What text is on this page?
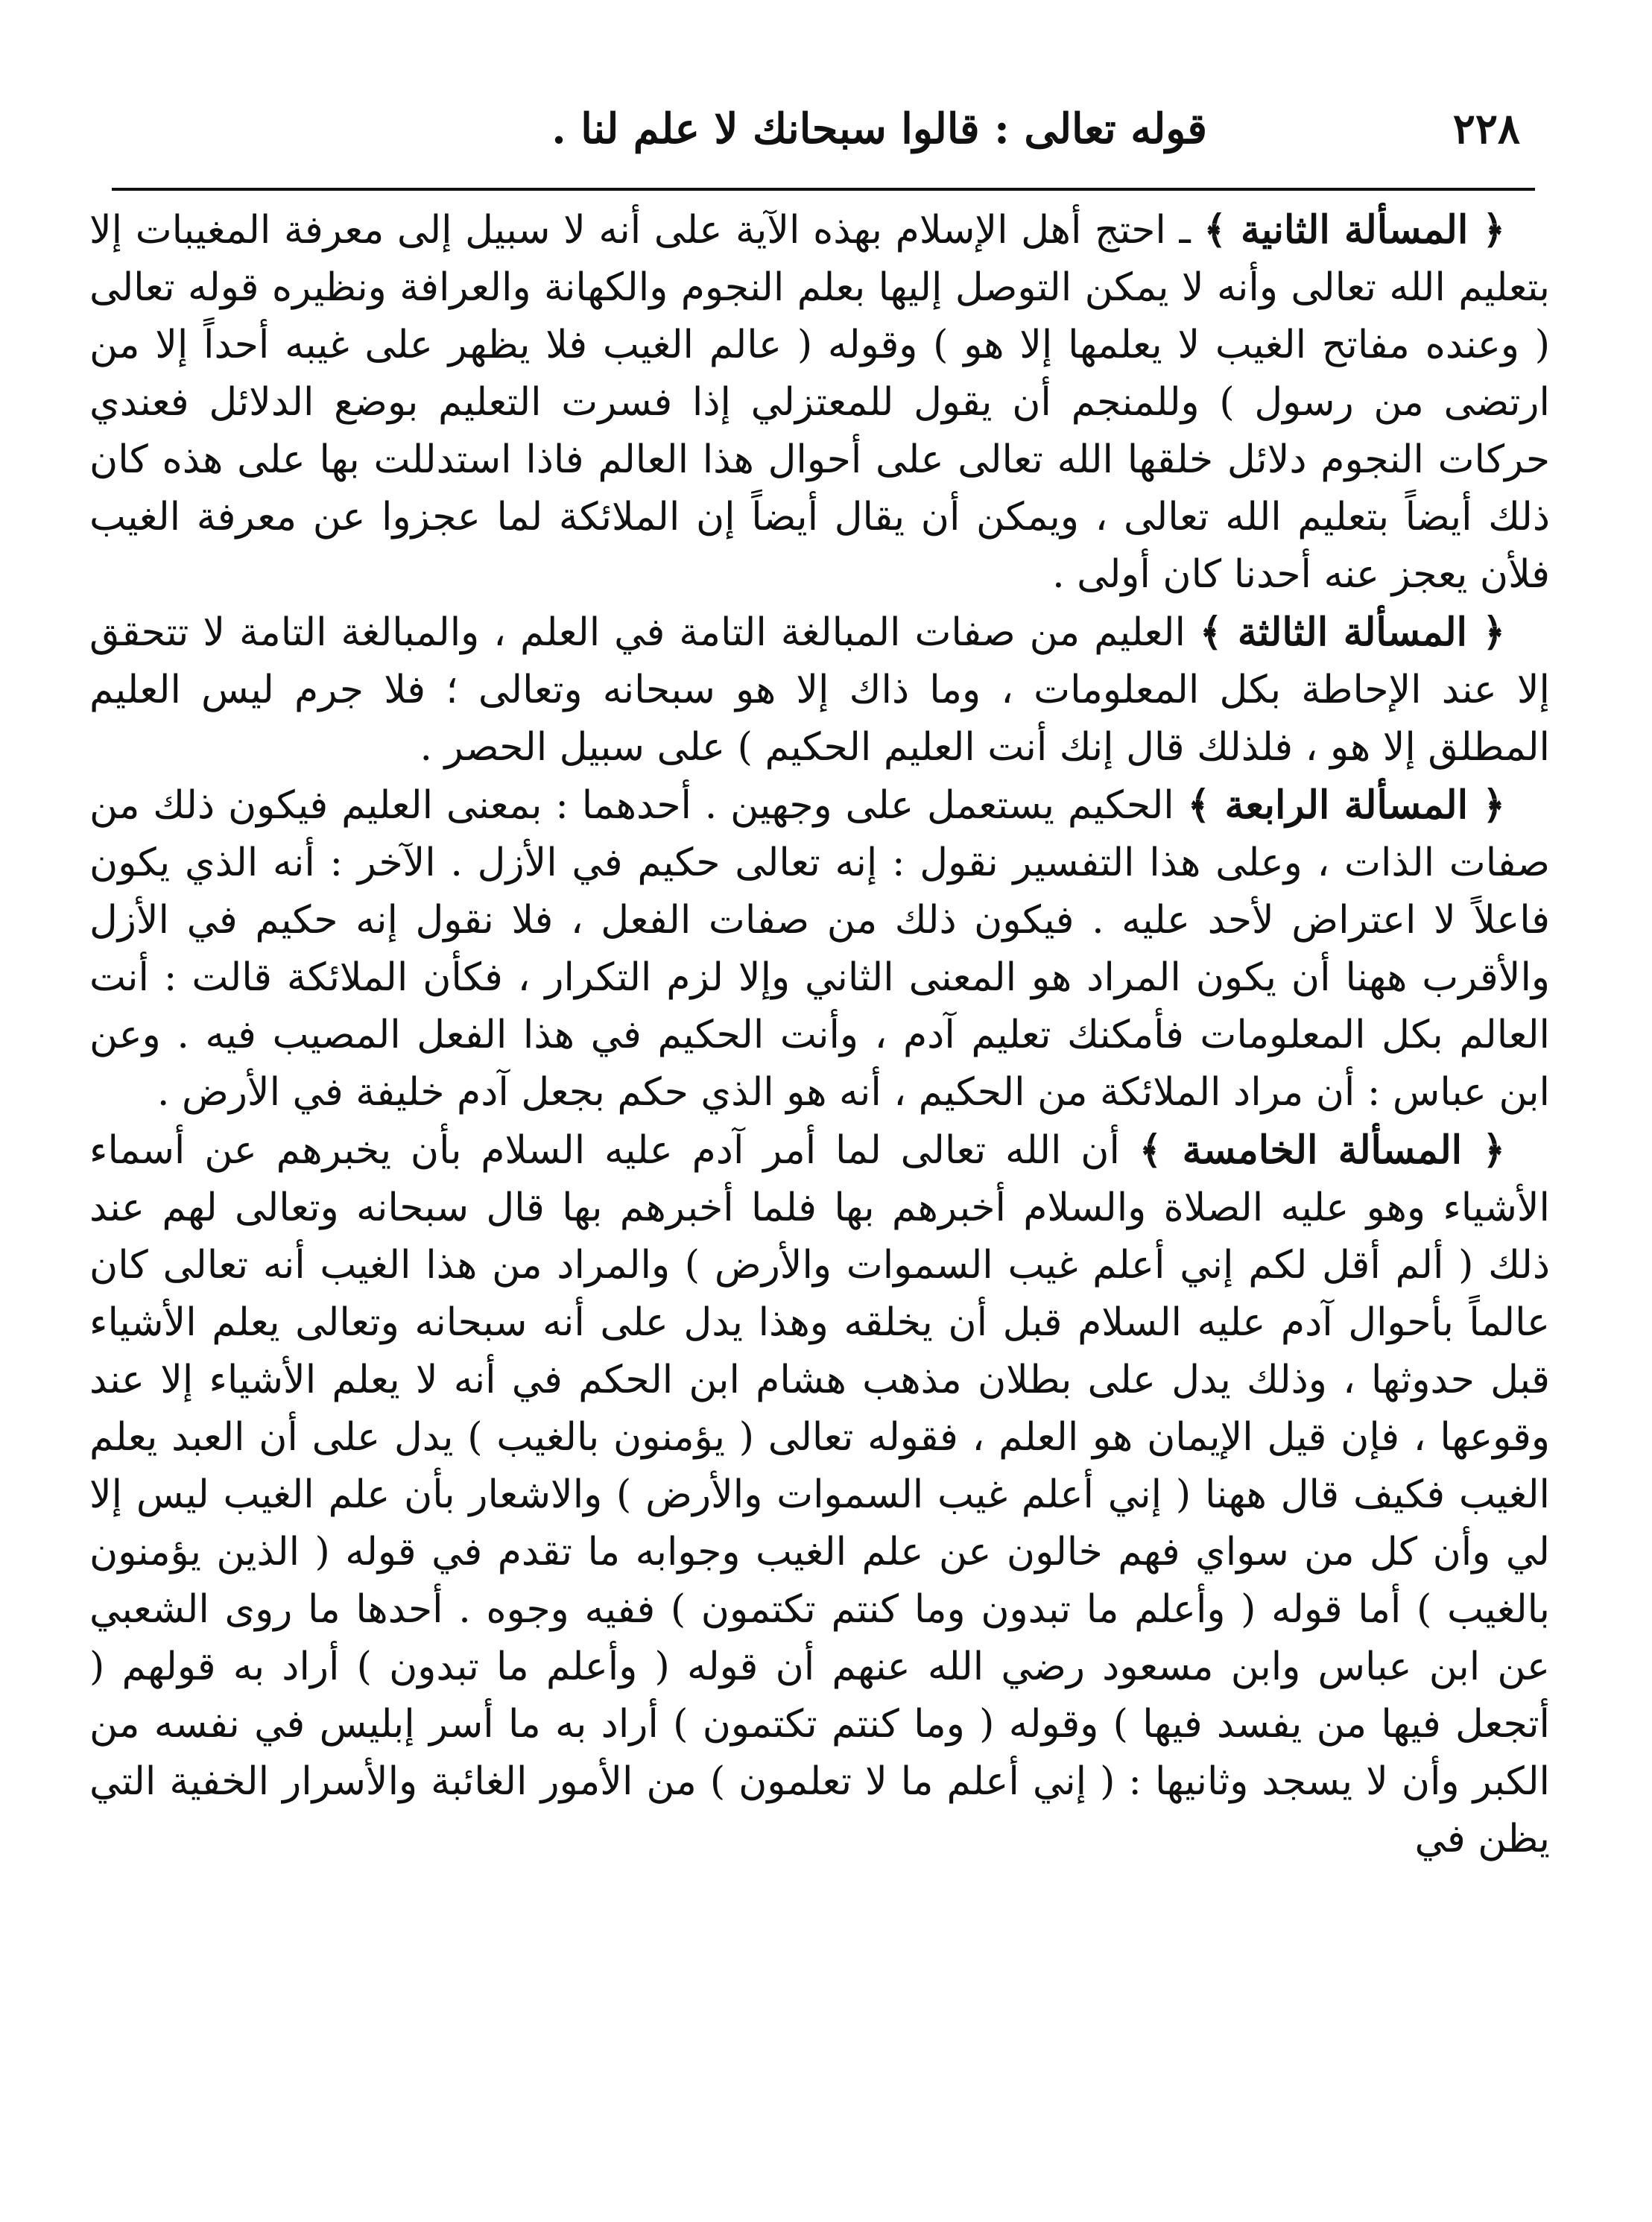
٢٢٨
قوله تعالى : قالوا سبحانك لا علم لنا .

﴿ المسألة الثانية ﴾ ـ احتج أهل الإسلام بهذه الآية على أنه لا سبيل إلى معرفة المغيبات إلا بتعليم الله تعالى وأنه لا يمكن التوصل إليها بعلم النجوم والكهانة والعرافة ونظيره قوله تعالى ( وعنده مفاتح الغيب لا يعلمها إلا هو ) وقوله ( عالم الغيب فلا يظهر على غيبه أحداً إلا من ارتضى من رسول ) وللمنجم أن يقول للمعتزلي إذا فسرت التعليم بوضع الدلائل فعندي حركات النجوم دلائل خلقها الله تعالى على أحوال هذا العالم فاذا استدللت بها على هذه كان ذلك أيضاً بتعليم الله تعالى ، ويمكن أن يقال أيضاً إن الملائكة لما عجزوا عن معرفة الغيب فلأن يعجز عنه أحدنا كان أولى .

﴿ المسألة الثالثة ﴾ العليم من صفات المبالغة التامة في العلم ، والمبالغة التامة لا تتحقق إلا عند الإحاطة بكل المعلومات ، وما ذاك إلا هو سبحانه وتعالى ؛ فلا جرم ليس العليم المطلق إلا هو ، فلذلك قال إنك أنت العليم الحكيم ) على سبيل الحصر .

﴿ المسألة الرابعة ﴾ الحكيم يستعمل على وجهين . أحدهما : بمعنى العليم فيكون ذلك من صفات الذات ، وعلى هذا التفسير نقول : إنه تعالى حكيم في الأزل . الآخر : أنه الذي يكون فاعلاً لا اعتراض لأحد عليه . فيكون ذلك من صفات الفعل ، فلا نقول إنه حكيم في الأزل والأقرب ههنا أن يكون المراد هو المعنى الثاني وإلا لزم التكرار ، فكأن الملائكة قالت : أنت العالم بكل المعلومات فأمكنك تعليم آدم ، وأنت الحكيم في هذا الفعل المصيب فيه . وعن ابن عباس : أن مراد الملائكة من الحكيم ، أنه هو الذي حكم بجعل آدم خليفة في الأرض .

﴿ المسألة الخامسة ﴾ أن الله تعالى لما أمر آدم عليه السلام بأن يخبرهم عن أسماء الأشياء وهو عليه الصلاة والسلام أخبرهم بها فلما أخبرهم بها قال سبحانه وتعالى لهم عند ذلك ( ألم أقل لكم إني أعلم غيب السموات والأرض ) والمراد من هذا الغيب أنه تعالى كان عالماً بأحوال آدم عليه السلام قبل أن يخلقه وهذا يدل على أنه سبحانه وتعالى يعلم الأشياء قبل حدوثها ، وذلك يدل على بطلان مذهب هشام ابن الحكم في أنه لا يعلم الأشياء إلا عند وقوعها ، فإن قيل الإيمان هو العلم ، فقوله تعالى ( يؤمنون بالغيب ) يدل على أن العبد يعلم الغيب فكيف قال ههنا ( إني أعلم غيب السموات والأرض ) والاشعار بأن علم الغيب ليس إلا لي وأن كل من سواي فهم خالون عن علم الغيب وجوابه ما تقدم في قوله ( الذين يؤمنون بالغيب ) أما قوله ( وأعلم ما تبدون وما كنتم تكتمون ) ففيه وجوه . أحدها ما روى الشعبي عن ابن عباس وابن مسعود رضي الله عنهم أن قوله ( وأعلم ما تبدون ) أراد به قولهم ( أتجعل فيها من يفسد فيها ) وقوله ( وما كنتم تكتمون ) أراد به ما أسر إبليس في نفسه من الكبر وأن لا يسجد وثانيها : ( إني أعلم ما لا تعلمون ) من الأمور الغائبة والأسرار الخفية التي يظن في
